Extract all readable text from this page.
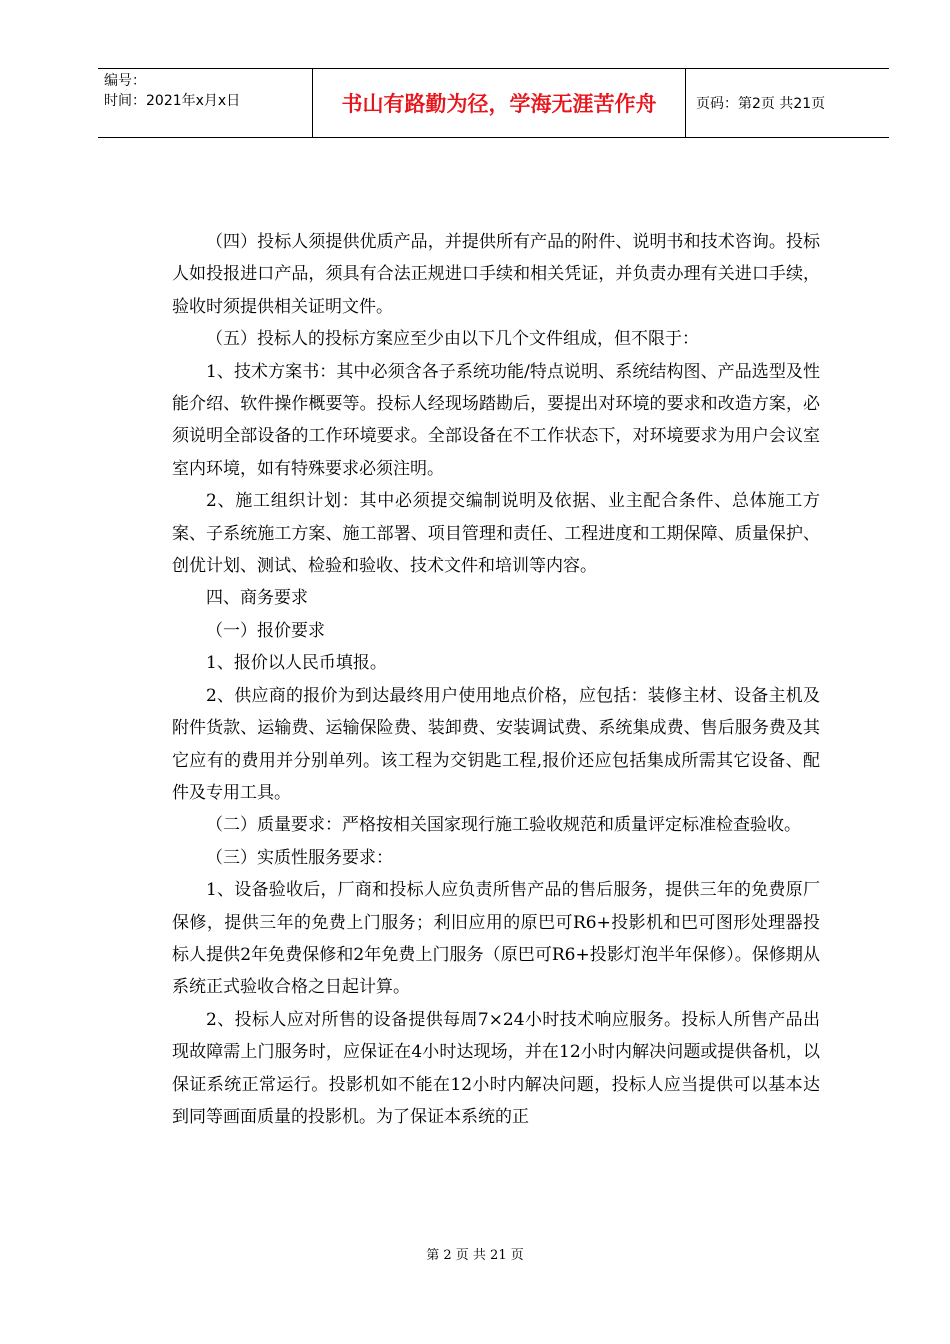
编号：
时间：2021年x月x日	书山有路勤为径，学海无涯苦作舟	页码：第2页 共21页

（四）投标人须提供优质产品，并提供所有产品的附件、说明书和技术咨询。投标人如投报进口产品，须具有合法正规进口手续和相关凭证，并负责办理有关进口手续，验收时须提供相关证明文件。

（五）投标人的投标方案应至少由以下几个文件组成，但不限于：

1、技术方案书：其中必须含各子系统功能/特点说明、系统结构图、产品选型及性能介绍、软件操作概要等。投标人经现场踏勘后，要提出对环境的要求和改造方案，必须说明全部设备的工作环境要求。全部设备在不工作状态下，对环境要求为用户会议室室内环境，如有特殊要求必须注明。

2、施工组织计划：其中必须提交编制说明及依据、业主配合条件、总体施工方案、子系统施工方案、施工部署、项目管理和责任、工程进度和工期保障、质量保护、创优计划、测试、检验和验收、技术文件和培训等内容。

四、商务要求

（一）报价要求

1、报价以人民币填报。

2、供应商的报价为到达最终用户使用地点价格，应包括：装修主材、设备主机及附件货款、运输费、运输保险费、装卸费、安装调试费、系统集成费、售后服务费及其它应有的费用并分别单列。该工程为交钥匙工程,报价还应包括集成所需其它设备、配件及专用工具。

（二）质量要求：严格按相关国家现行施工验收规范和质量评定标准检查验收。

（三）实质性服务要求：

1、设备验收后，厂商和投标人应负责所售产品的售后服务，提供三年的免费原厂保修，提供三年的免费上门服务；利旧应用的原巴可R6+投影机和巴可图形处理器投标人提供2年免费保修和2年免费上门服务（原巴可R6+投影灯泡半年保修）。保修期从系统正式验收合格之日起计算。

2、投标人应对所售的设备提供每周7×24小时技术响应服务。投标人所售产品出现故障需上门服务时，应保证在4小时达现场，并在12小时内解决问题或提供备机，以保证系统正常运行。投影机如不能在12小时内解决问题，投标人应当提供可以基本达到同等画面质量的投影机。为了保证本系统的正

第 2 页 共 21 页
